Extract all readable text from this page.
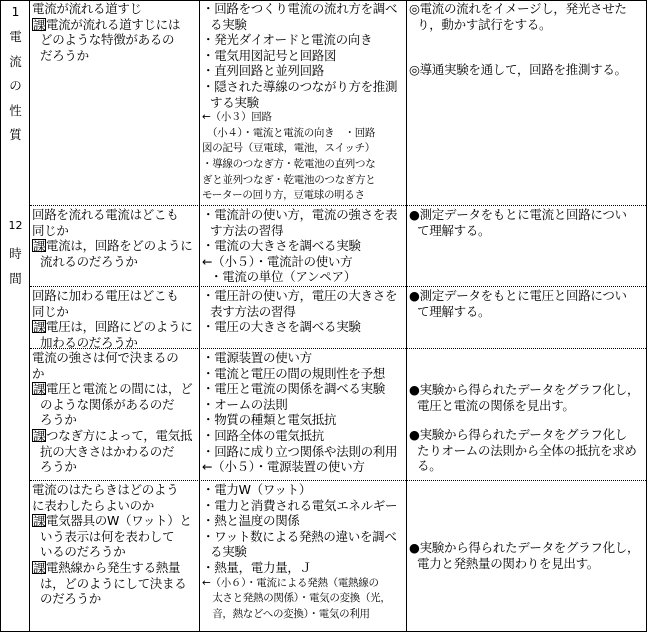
1
電
流
の
性
質
12
時
間
電流が流れる道すじ
課電流が流れる道すじには
どのような特徴があるの
だろうか
・回路をつくり電流の流れ方を調べ
る実験
・発光ダイオードと電流の向き
・電気用図記号と回路図
・直列回路と並列回路
・隠された導線のつながり方を推測
する実験
←（小３）回路
　（小４）・電流と電流の向き　・回路
図の記号（豆電球，電池，スイッチ）
・導線のつなぎ方・乾電池の直列つな
ぎと並列つなぎ・乾電池のつなぎ方と
モーターの回り方，豆電球の明るさ
◎電流の流れをイメージし，発光させた
り，動かす試行をする。
◎導通実験を通して，回路を推測する。
回路を流れる電流はどこも
同じか
課電流は，回路をどのように
流れるのだろうか
・電流計の使い方，電流の強さを表
す方法の習得
・電流の大きさを調べる実験
←（小５）・電流計の使い方
・電流の単位（アンペア）
●測定データをもとに電流と回路につい
て理解する。
回路に加わる電圧はどこも
同じか
課電圧は，回路にどのように
加わるのだろうか
・電圧計の使い方，電圧の大きさを
表す方法の習得
・電圧の大きさを調べる実験
●測定データをもとに電圧と回路につい
て理解する。
電流の強さは何で決まるの
か
課電圧と電流との間には，ど
のような関係があるのだ
ろうか
課つなぎ方によって，電気抵
抗の大きさはかわるのだ
ろうか
・電源装置の使い方
・電流と電圧の間の規則性を予想
・電圧と電流の関係を調べる実験
・オームの法則
・物質の種類と電気抵抗
・回路全体の電気抵抗
・回路に成り立つ関係や法則の利用
←（小５）・電源装置の使い方
●実験から得られたデータをグラフ化し，
電圧と電流の関係を見出す。
●実験から得られたデータをグラフ化し
たりオームの法則から全体の抵抗を求め
る。
電流のはたらきはどのよう
に表わしたらよいのか
課電気器具のW（ワット）と
いう表示は何を表わして
いるのだろうか
課電熱線から発生する熱量
は，どのようにして決まる
のだろうか
・電力W（ワット）
・電力と消費される電気エネルギー
・熱と温度の関係
・ワット数による発熱の違いを調べ
る実験
・熱量，電力量，Ｊ
←（小６）・電流による発熱（電熱線の
　太さと発熱の関係）・電気の変換（光，
　音，熱などへの変換）・電気の利用
●実験から得られたデータをグラフ化し，
電力と発熱量の関わりを見出す。
